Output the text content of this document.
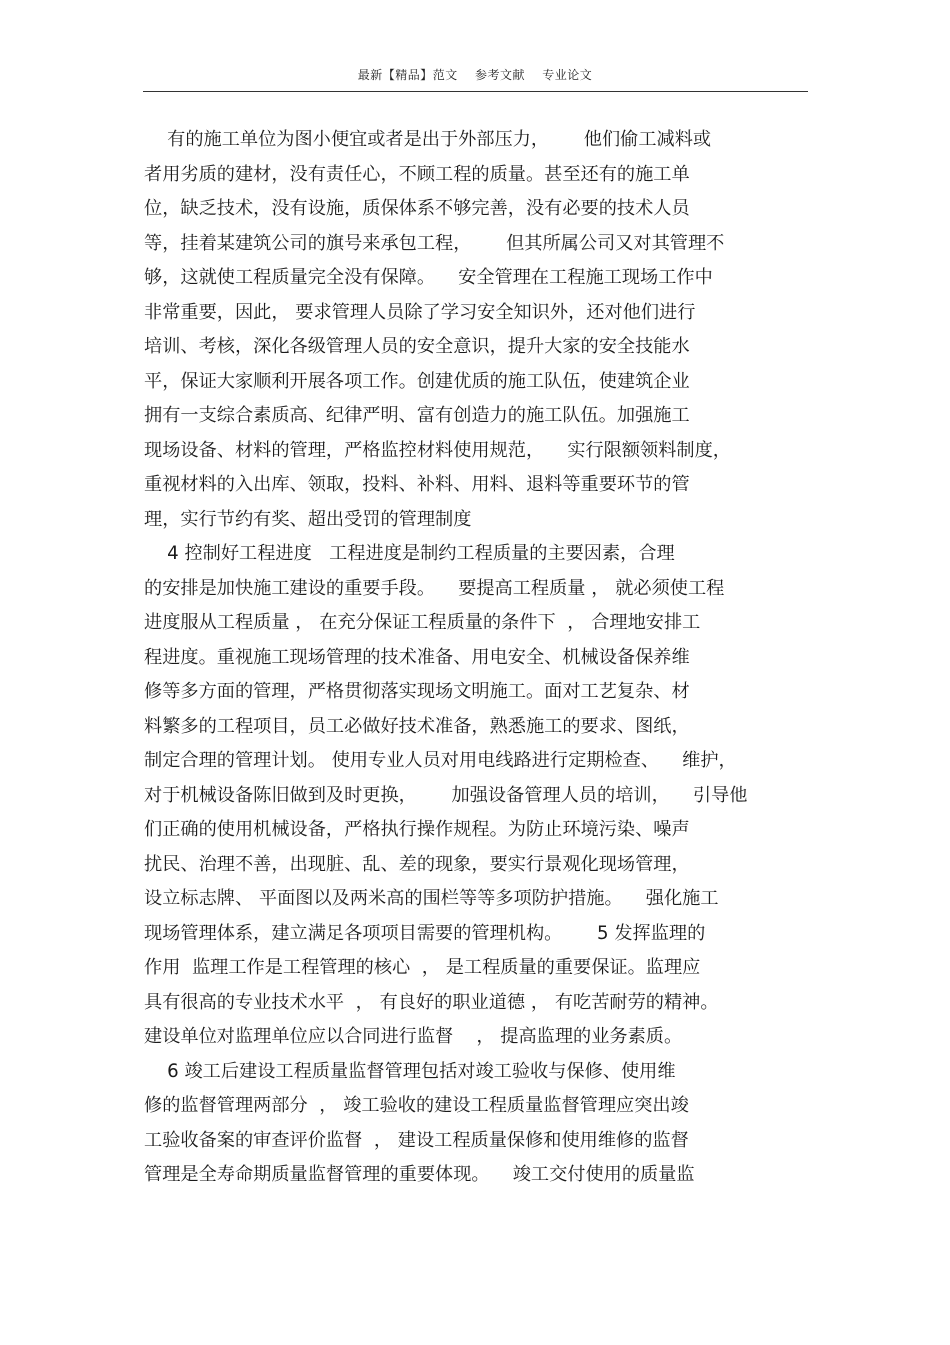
最新【精品】范文    参考文献    专业论文
有的施工单位为图小便宜或者是出于外部压力，      他们偷工减料或
者用劣质的建材，没有责任心，不顾工程的质量。甚至还有的施工单
位，缺乏技术，没有设施，质保体系不够完善，没有必要的技术人员
等，挂着某建筑公司的旗号来承包工程，      但其所属公司又对其管理不
够，这就使工程质量完全没有保障。    安全管理在工程施工现场工作中
非常重要，因此， 要求管理人员除了学习安全知识外，还对他们进行
培训、考核，深化各级管理人员的安全意识，提升大家的安全技能水
平，保证大家顺利开展各项工作。创建优质的施工队伍，使建筑企业
拥有一支综合素质高、纪律严明、富有创造力的施工队伍。加强施工
现场设备、材料的管理，严格监控材料使用规范，    实行限额领料制度，
重视材料的入出库、领取，投料、补料、用料、退料等重要环节的管
理，实行节约有奖、超出受罚的管理制度
4 控制好工程进度   工程进度是制约工程质量的主要因素，合理
的安排是加快施工建设的重要手段。    要提高工程质量 ， 就必须使工程
进度服从工程质量 ， 在充分保证工程质量的条件下  ， 合理地安排工
程进度。重视施工现场管理的技术准备、用电安全、机械设备保养维
修等多方面的管理，严格贯彻落实现场文明施工。面对工艺复杂、材
料繁多的工程项目，员工必做好技术准备，熟悉施工的要求、图纸，
制定合理的管理计划。 使用专业人员对用电线路进行定期检查、    维护，
对于机械设备陈旧做到及时更换，      加强设备管理人员的培训，    引导他
们正确的使用机械设备，严格执行操作规程。为防止环境污染、噪声
扰民、治理不善，出现脏、乱、差的现象，要实行景观化现场管理，
设立标志牌、 平面图以及两米高的围栏等等多项防护措施。    强化施工
现场管理体系，建立满足各项项目需要的管理机构。      5 发挥监理的
作用  监理工作是工程管理的核心  ， 是工程质量的重要保证。监理应
具有很高的专业技术水平  ， 有良好的职业道德 ， 有吃苦耐劳的精神。
建设单位对监理单位应以合同进行监督    ， 提高监理的业务素质。
6 竣工后建设工程质量监督管理包括对竣工验收与保修、使用维
修的监督管理两部分  ， 竣工验收的建设工程质量监督管理应突出竣
工验收备案的审查评价监督  ， 建设工程质量保修和使用维修的监督
管理是全寿命期质量监督管理的重要体现。    竣工交付使用的质量监
